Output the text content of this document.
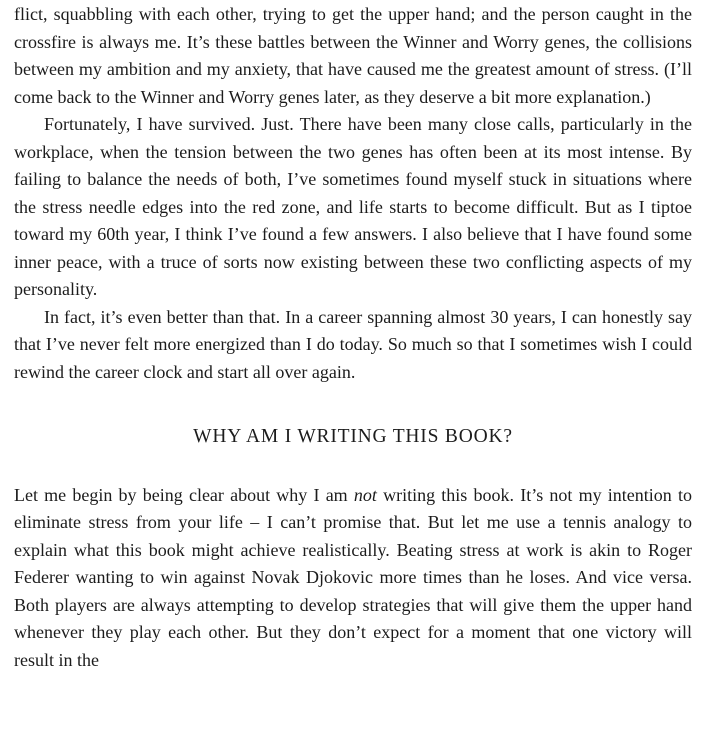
flict, squabbling with each other, trying to get the upper hand; and the person caught in the crossfire is always me. It’s these battles between the Winner and Worry genes, the collisions between my ambition and my anxiety, that have caused me the greatest amount of stress. (I’ll come back to the Winner and Worry genes later, as they deserve a bit more explanation.)

Fortunately, I have survived. Just. There have been many close calls, particularly in the workplace, when the tension between the two genes has often been at its most intense. By failing to balance the needs of both, I’ve sometimes found myself stuck in situations where the stress needle edges into the red zone, and life starts to become difficult. But as I tiptoe toward my 60th year, I think I’ve found a few answers. I also believe that I have found some inner peace, with a truce of sorts now existing between these two conflicting aspects of my personality.

In fact, it’s even better than that. In a career spanning almost 30 years, I can honestly say that I’ve never felt more energized than I do today. So much so that I sometimes wish I could rewind the career clock and start all over again.

WHY AM I WRITING THIS BOOK?

Let me begin by being clear about why I am not writing this book. It’s not my intention to eliminate stress from your life – I can’t promise that. But let me use a tennis analogy to explain what this book might achieve realistically. Beating stress at work is akin to Roger Federer wanting to win against Novak Djokovic more times than he loses. And vice versa. Both players are always attempting to develop strategies that will give them the upper hand whenever they play each other. But they don’t expect for a moment that one victory will result in the
